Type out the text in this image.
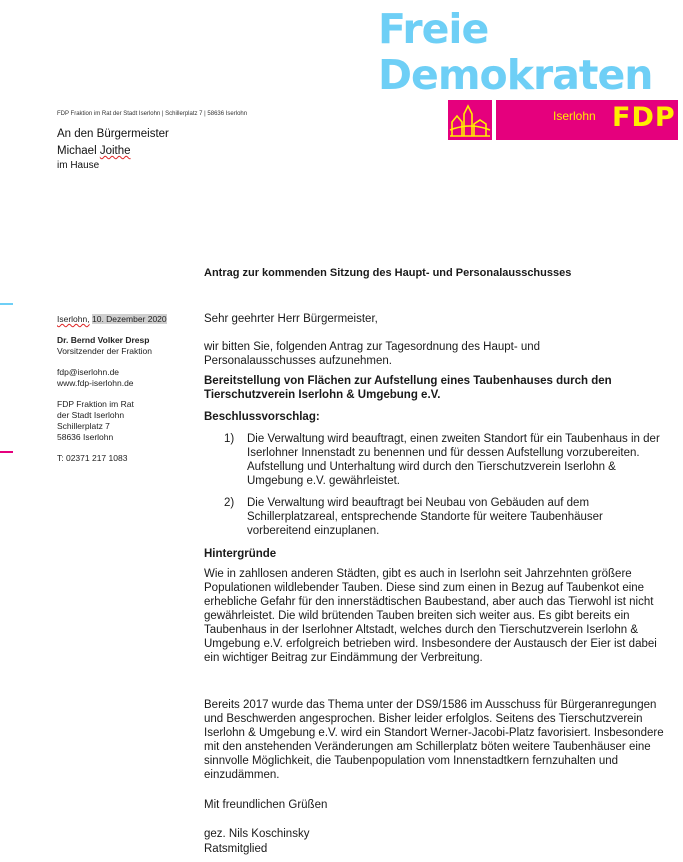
Freie
Demokraten
Iserlohn FDP
FDP Fraktion im Rat der Stadt Iserlohn | Schillerplatz 7 | 58636 Iserlohn
An den Bürgermeister
Michael Joithe
im Hause
Iserlohn, 10. Dezember 2020
Dr. Bernd Volker Dresp
Vorsitzender der Fraktion
fdp@iserlohn.de
www.fdp-iserlohn.de
FDP Fraktion im Rat
der Stadt Iserlohn
Schillerplatz 7
58636 Iserlohn
T: 02371 217 1083
Antrag zur kommenden Sitzung des Haupt- und Personalausschusses
Sehr geehrter Herr Bürgermeister,
wir bitten Sie, folgenden Antrag zur Tagesordnung des Haupt- und Personalausschusses aufzunehmen.
Bereitstellung von Flächen zur Aufstellung eines Taubenhauses durch den Tierschutzverein Iserlohn & Umgebung e.V.
Beschlussvorschlag:
1) Die Verwaltung wird beauftragt, einen zweiten Standort für ein Taubenhaus in der Iserlohner Innenstadt zu benennen und für dessen Aufstellung vorzubereiten. Aufstellung und Unterhaltung wird durch den Tierschutzverein Iserlohn & Umgebung e.V. gewährleistet.
2) Die Verwaltung wird beauftragt bei Neubau von Gebäuden auf dem Schillerplatzareal, entsprechende Standorte für weitere Taubenhäuser vorbereitend einzuplanen.
Hintergründe
Wie in zahllosen anderen Städten, gibt es auch in Iserlohn seit Jahrzehnten größere Populationen wildlebender Tauben. Diese sind zum einen in Bezug auf Taubenkot eine erhebliche Gefahr für den innerstädtischen Baubestand, aber auch das Tierwohl ist nicht gewährleistet. Die wild brütenden Tauben breiten sich weiter aus. Es gibt bereits ein Taubenhaus in der Iserlohner Altstadt, welches durch den Tierschutzverein Iserlohn & Umgebung e.V. erfolgreich betrieben wird. Insbesondere der Austausch der Eier ist dabei ein wichtiger Beitrag zur Eindämmung der Verbreitung.
Bereits 2017 wurde das Thema unter der DS9/1586 im Ausschuss für Bürgeranregungen und Beschwerden angesprochen. Bisher leider erfolglos. Seitens des Tierschutzverein Iserlohn & Umgebung e.V. wird ein Standort Werner-Jacobi-Platz favorisiert. Insbesondere mit den anstehenden Veränderungen am Schillerplatz böten weitere Taubenhäuser eine sinnvolle Möglichkeit, die Taubenpopulation vom Innenstadtkern fernzuhalten und einzudämmen.
Mit freundlichen Grüßen
gez. Nils Koschinsky
Ratsmitglied
